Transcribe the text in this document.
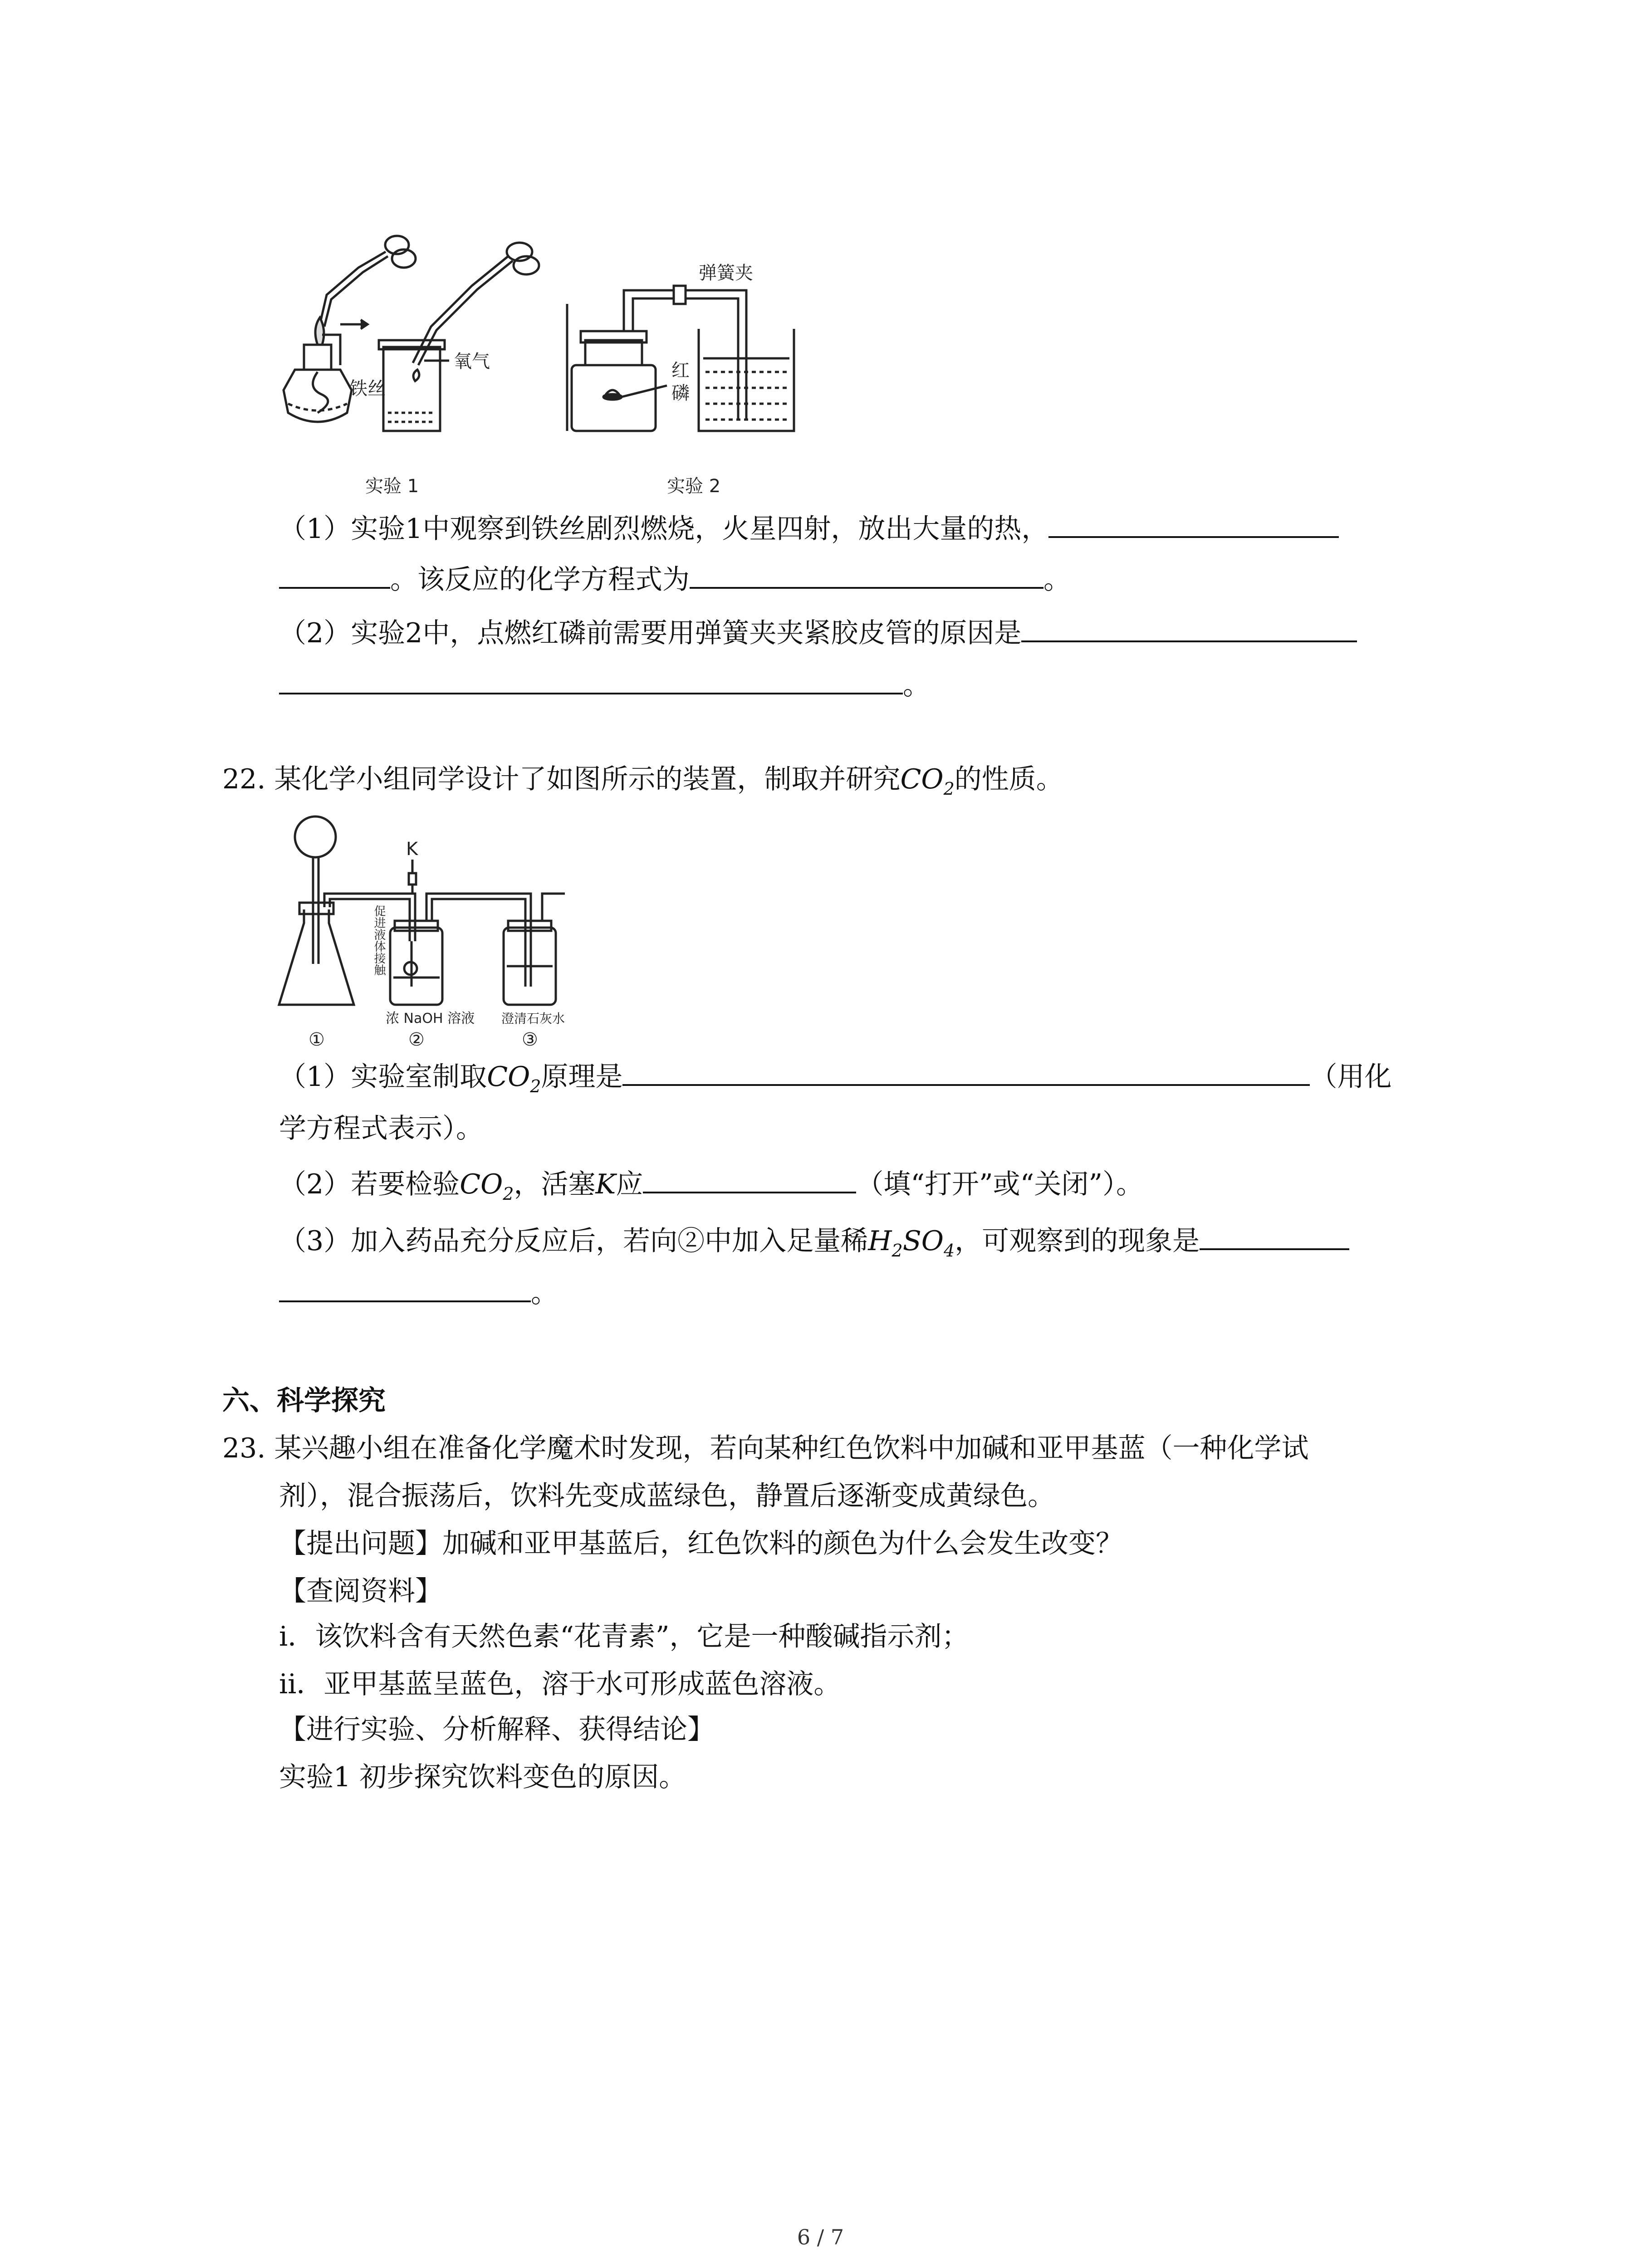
铁丝
氧气
实验 1
弹簧夹
红
磷
实验 2
（1）实验1中观察到铁丝剧烈燃烧，火星四射，放出大量的热，
。该反应的化学方程式为	。
（2）实验2中，点燃红磷前需要用弹簧夹夹紧胶皮管的原因是
。
22. 某化学小组同学设计了如图所示的装置，制取并研究$CO_2$的性质。
K
浓 NaOH 溶液 澄清石灰水
①	②	③
促进液体接触
（1）实验室制取$CO_2$原理是	（用化
学方程式表示）。
（2）若要检验$CO_2$，活塞K应	（填“打开”或“关闭”）。
（3）加入药品充分反应后，若向②中加入足量稀$H_2SO_4$，可观察到的现象是
。
六、科学探究
23. 某兴趣小组在准备化学魔术时发现，若向某种红色饮料中加碱和亚甲基蓝（一种化学试
剂），混合振荡后，饮料先变成蓝绿色，静置后逐渐变成黄绿色。
【提出问题】加碱和亚甲基蓝后，红色饮料的颜色为什么会发生改变？
【查阅资料】
ⅰ．该饮料含有天然色素“花青素”，它是一种酸碱指示剂；
ⅱ．亚甲基蓝呈蓝色，溶于水可形成蓝色溶液。
【进行实验、分析解释、获得结论】
实验1 初步探究饮料变色的原因。
6 / 7
